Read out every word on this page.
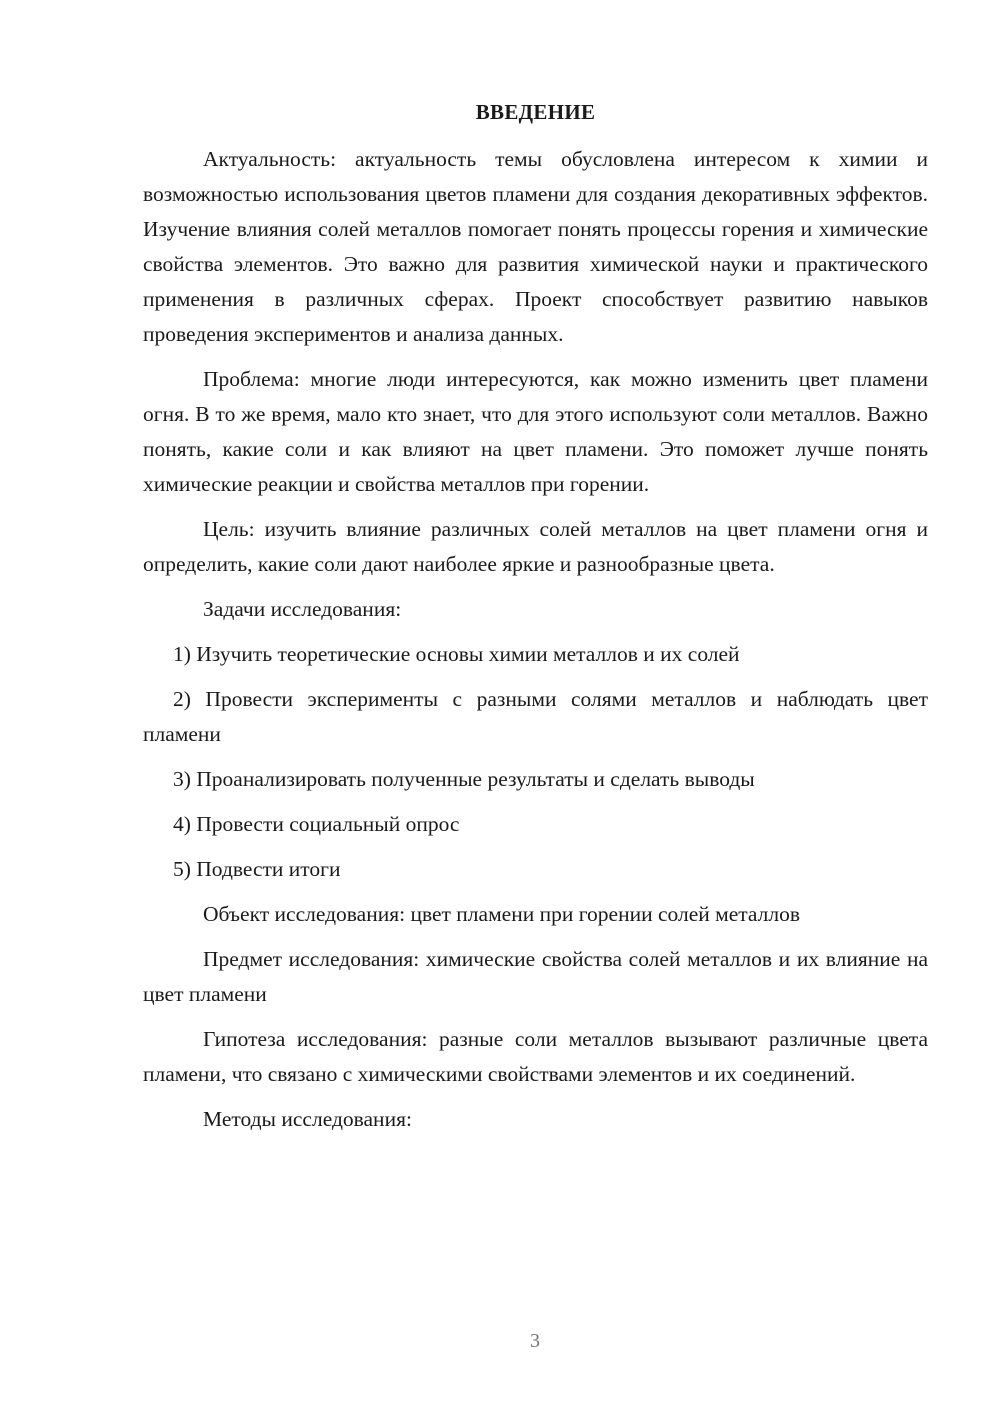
ВВЕДЕНИЕ

Актуальность: актуальность темы обусловлена интересом к химии и возможностью использования цветов пламени для создания декоративных эффектов. Изучение влияния солей металлов помогает понять процессы горения и химические свойства элементов. Это важно для развития химической науки и практического применения в различных сферах. Проект способствует развитию навыков проведения экспериментов и анализа данных.

Проблема: многие люди интересуются, как можно изменить цвет пламени огня. В то же время, мало кто знает, что для этого используют соли металлов. Важно понять, какие соли и как влияют на цвет пламени. Это поможет лучше понять химические реакции и свойства металлов при горении.

Цель: изучить влияние различных солей металлов на цвет пламени огня и определить, какие соли дают наиболее яркие и разнообразные цвета.

Задачи исследования:

1) Изучить теоретические основы химии металлов и их солей

2) Провести эксперименты с разными солями металлов и наблюдать цвет пламени

3) Проанализировать полученные результаты и сделать выводы

4) Провести социальный опрос

5) Подвести итоги

Объект исследования: цвет пламени при горении солей металлов

Предмет исследования: химические свойства солей металлов и их влияние на цвет пламени

Гипотеза исследования: разные соли металлов вызывают различные цвета пламени, что связано с химическими свойствами элементов и их соединений.

Методы исследования:

3
